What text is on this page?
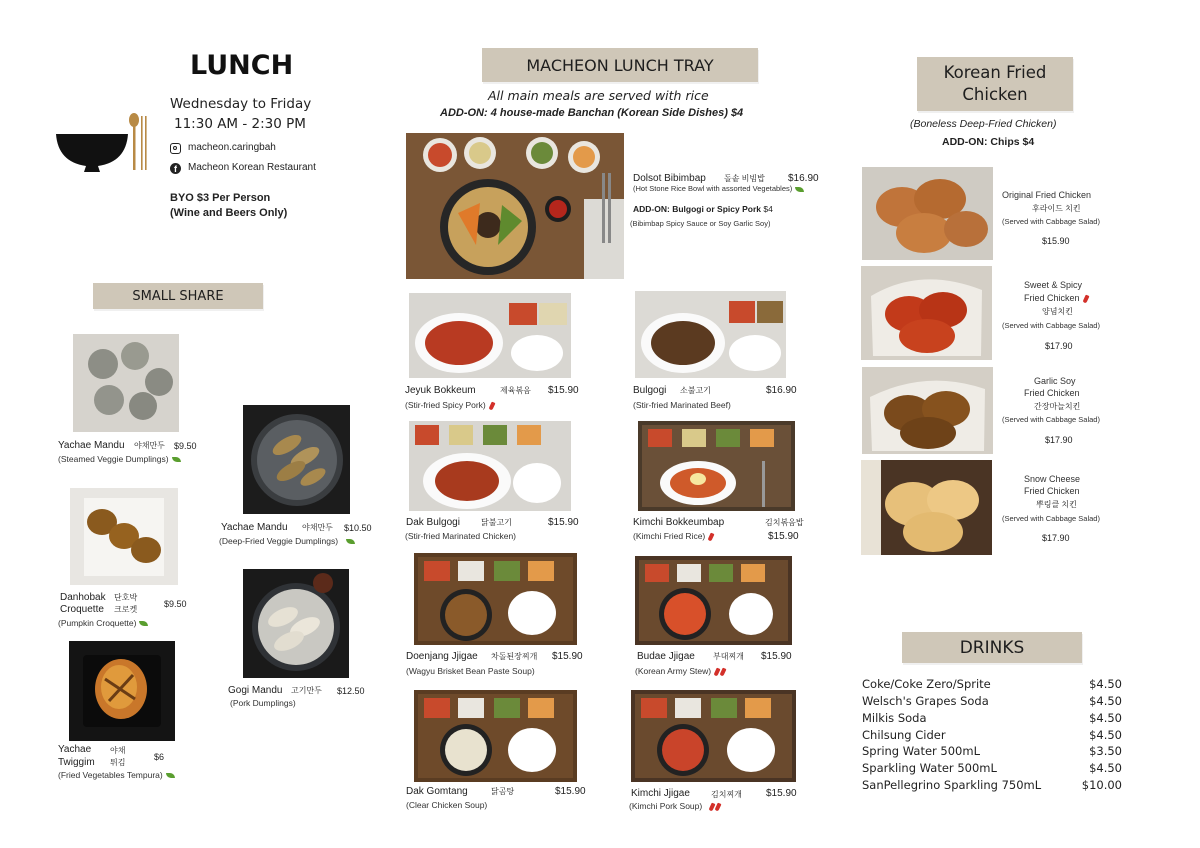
LUNCH
Wednesday to Friday
11:30 AM - 2:30 PM
macheon.caringbah
f	Macheon Korean Restaurant
BYO $3 Per Person
(Wine and Beers Only)
SMALL SHARE
Yachae Mandu 야채만두 $9.50
(Steamed Veggie Dumplings)
Yachae Mandu 야채만두 $10.50
(Deep-Fried Veggie Dumplings)
Danhobak
Croquette
단호박
크로켓
$9.50
(Pumpkin Croquette)
Gogi Mandu 고기만두 $12.50
(Pork Dumplings)
Yachae
Twiggim
야채
튀김
$6
(Fried Vegetables Tempura)
MACHEON LUNCH TRAY
All main meals are served with rice
ADD-ON: 4 house-made Banchan (Korean Side Dishes) $4
Dolsot Bibimbap 돌솥 비빔밥 $16.90
(Hot Stone Rice Bowl with assorted Vegetables)
ADD-ON: Bulgogi or Spicy Pork $4
(Bibimbap Spicy Sauce or Soy Garlic Soy)
Jeyuk Bokkeum	제육볶음 $15.90
(Stir-fried Spicy Pork)
Bulgogi 소불고기	$16.90
(Stir-fried Marinated Beef)
Dak Bulgogi	닭불고기	$15.90
(Stir-fried Marinated Chicken)
Kimchi Bokkeumbap	김치볶음밥
$15.90
(Kimchi Fried Rice)
Doenjang Jjigae 차돌된장찌개 $15.90
(Wagyu Brisket Bean Paste Soup)
Budae Jjigae 부대찌개 $15.90
(Korean Army Stew)
Dak Gomtang	닭곰탕	$15.90
(Clear Chicken Soup)
Kimchi Jjigae	김치찌개 $15.90
(Kimchi Pork Soup)
Korean Fried
Chicken
(Boneless Deep-Fried Chicken)
ADD-ON: Chips $4
Original Fried Chicken
후라이드 치킨
(Served with Cabbage Salad)
$15.90
Sweet & Spicy
Fried Chicken
양념치킨
(Served with Cabbage Salad)
$17.90
Garlic Soy
Fried Chicken
간장마늘치킨
(Served with Cabbage Salad)
$17.90
Snow Cheese
Fried Chicken
뿌링클 치킨
(Served with Cabbage Salad)
$17.90
DRINKS
Coke/Coke Zero/Sprite	$4.50
Welsch's Grapes Soda	$4.50
Milkis Soda	$4.50
Chilsung Cider	$4.50
Spring Water 500mL	$3.50
Sparkling Water 500mL	$4.50
SanPellegrino Sparkling 750mL	$10.00
